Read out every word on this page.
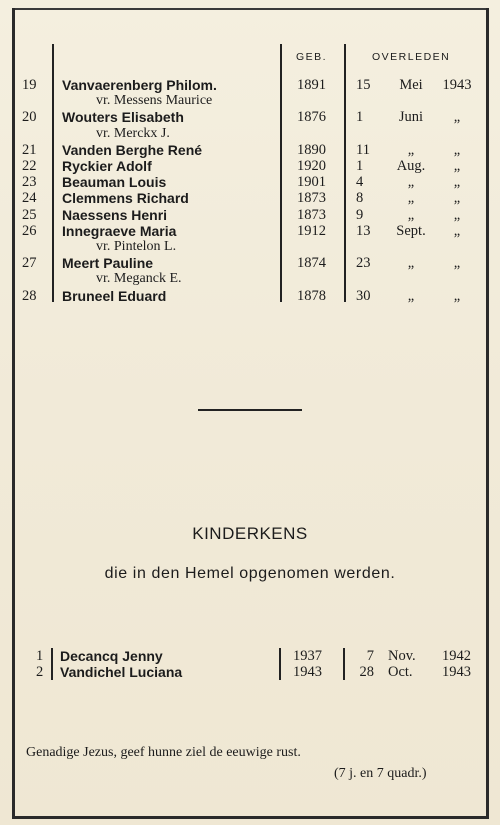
GEB.	OVERLEDEN
19	Vanvaerenberg Philom.	1891 15	Mei	1943
vr. Messens Maurice
20	Wouters Elisabeth	1876 1	Juni	„
vr. Merckx J.
21	Vanden Berghe René	1890 11	„	„
22	Ryckier Adolf	1920 1	Aug.	„
23	Beauman Louis	1901 4	„	„
24	Clemmens Richard	1873 8	„	„
25	Naessens Henri	1873 9	„	„
26	Innegraeve Maria	1912 13	Sept.	„
vr. Pintelon L.
27	Meert Pauline	1874 23	„	„
vr. Meganck E.
28	Bruneel Eduard	1878 30	„	„
KINDERKENS
die in den Hemel opgenomen werden.
1 Decancq Jenny	1937	7 Nov. 1942
2 Vandichel Luciana	1943	28 Oct. 1943
Genadige Jezus, geef hunne ziel de eeuwige rust.
(7 j. en 7 quadr.)
